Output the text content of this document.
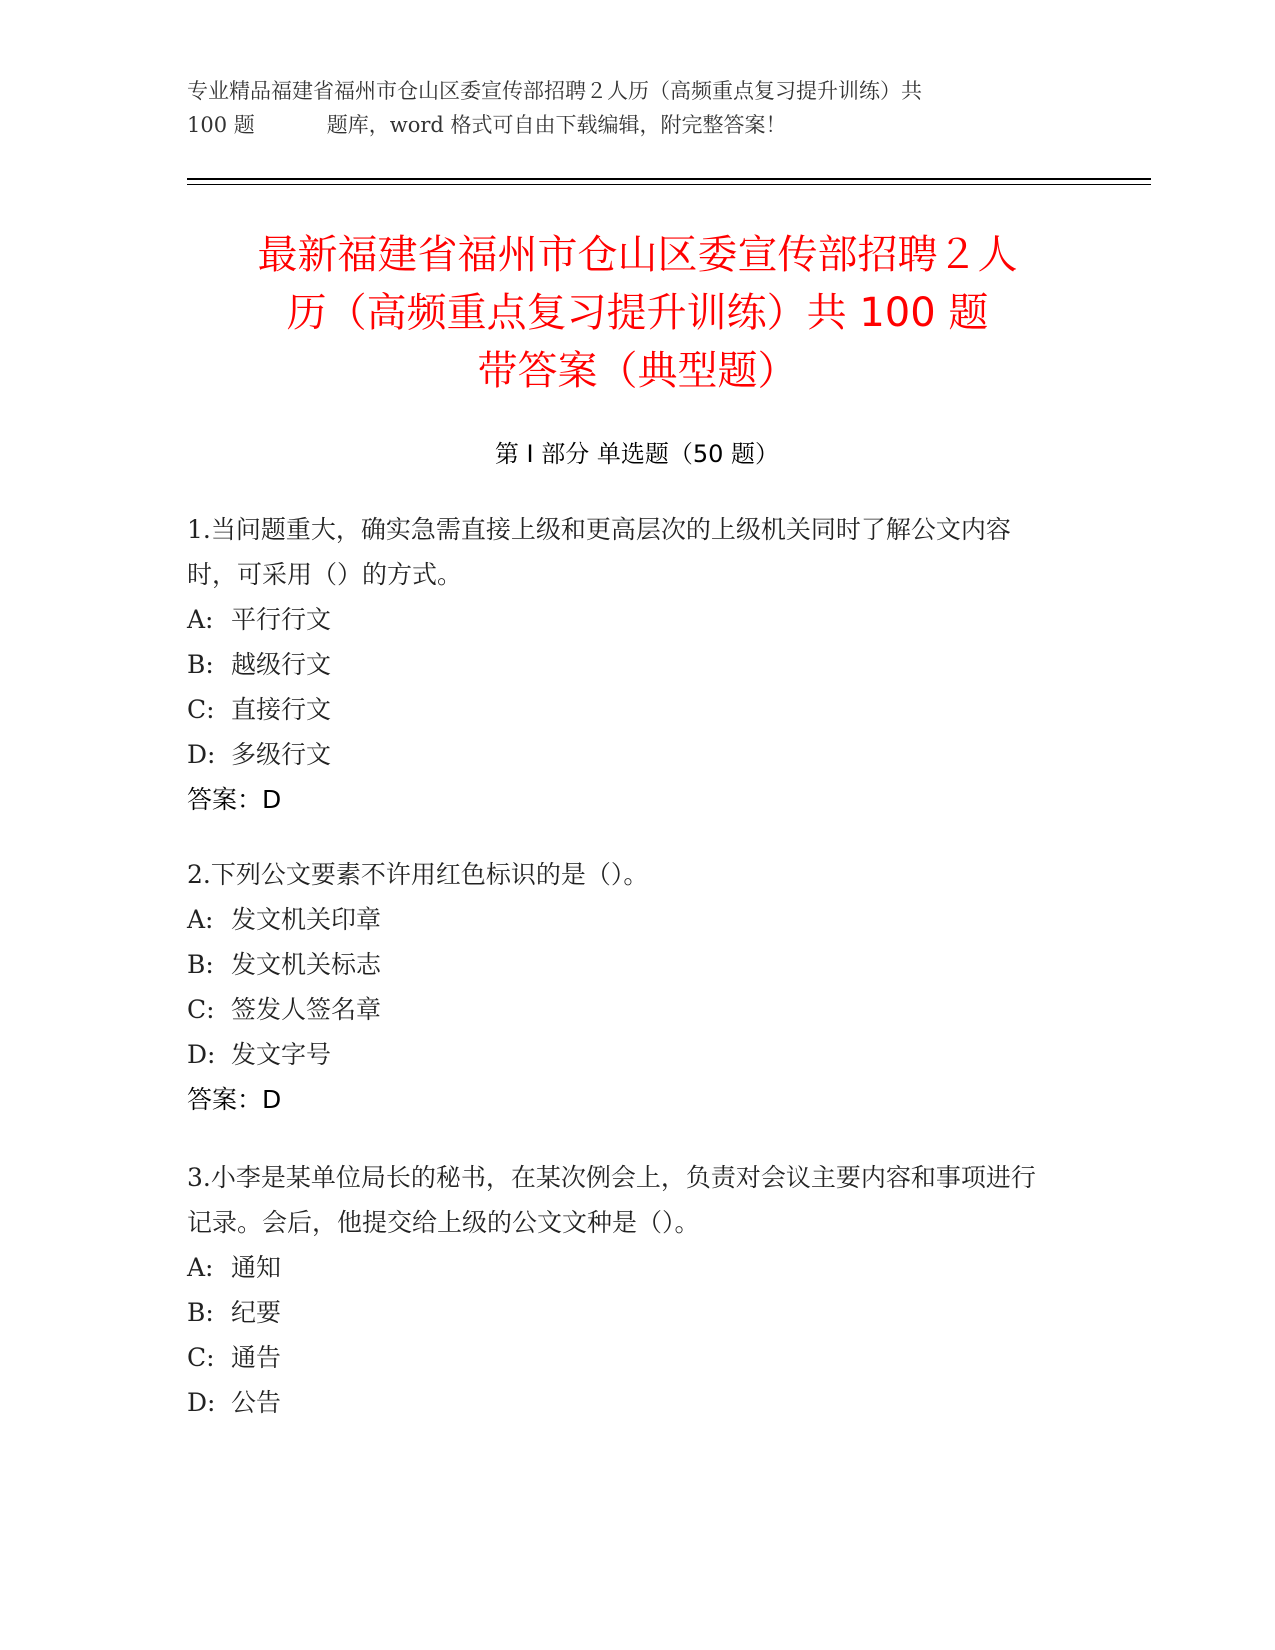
专业精品福建省福州市仓山区委宣传部招聘２人历（高频重点复习提升训练）共
100 题	题库，word 格式可自由下载编辑，附完整答案！
最新福建省福州市仓山区委宣传部招聘２人
历（高频重点复习提升训练）共 100 题
带答案（典型题）
第 I 部分 单选题（50 题）
1.当问题重大，确实急需直接上级和更高层次的上级机关同时了解公文内容时，可采用（）的方式。
A: 平行行文
B: 越级行文
C: 直接行文
D: 多级行文
答案：D
2.下列公文要素不许用红色标识的是（）。
A: 发文机关印章
B: 发文机关标志
C: 签发人签名章
D: 发文字号
答案：D
3.小李是某单位局长的秘书，在某次例会上，负责对会议主要内容和事项进行记录。会后，他提交给上级的公文文种是（）。
A: 通知
B: 纪要
C: 通告
D: 公告
